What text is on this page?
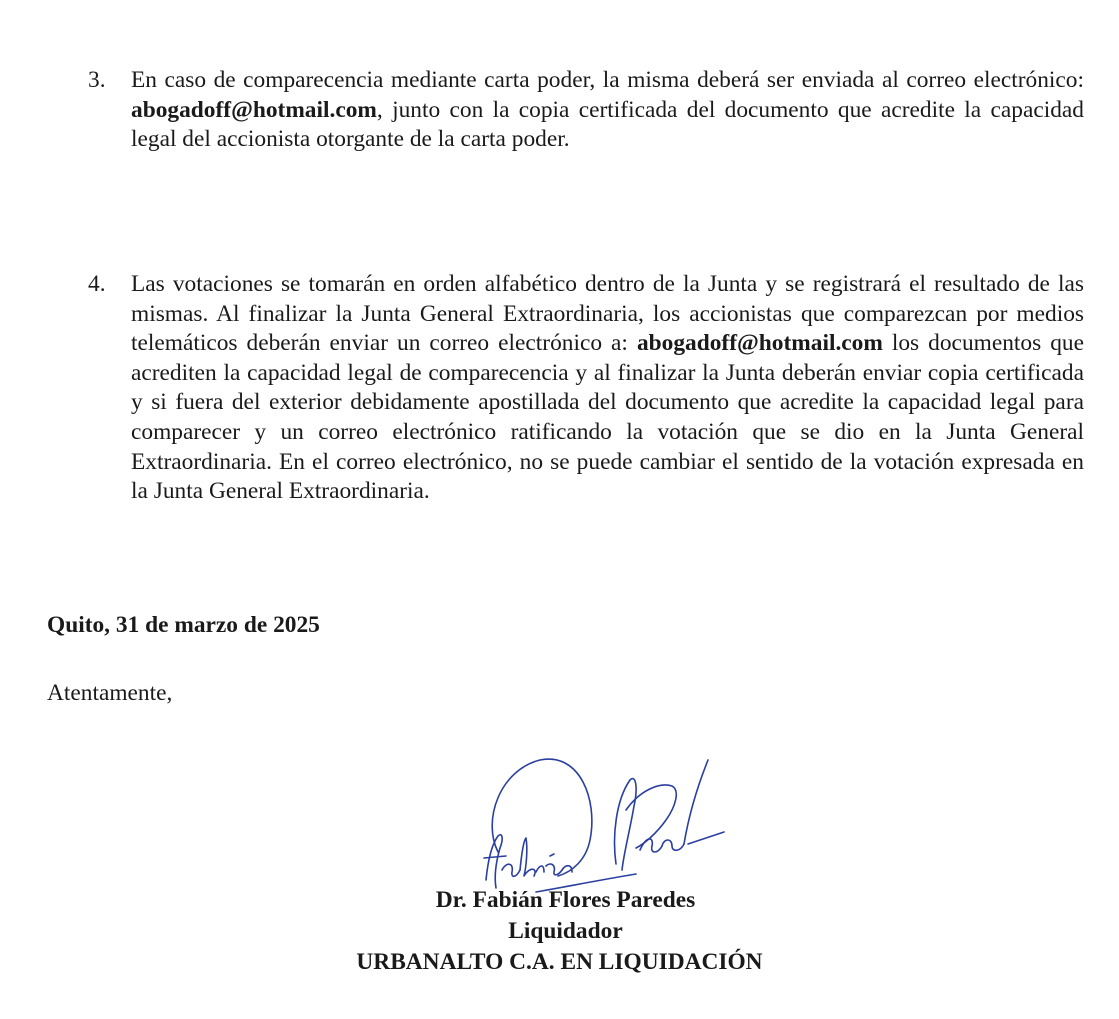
3. En caso de comparecencia mediante carta poder, la misma deberá ser enviada al correo electrónico: abogadoff@hotmail.com, junto con la copia certificada del documento que acredite la capacidad legal del accionista otorgante de la carta poder.
4. Las votaciones se tomarán en orden alfabético dentro de la Junta y se registrará el resultado de las mismas. Al finalizar la Junta General Extraordinaria, los accionistas que comparezcan por medios telemáticos deberán enviar un correo electrónico a: abogadoff@hotmail.com los documentos que acrediten la capacidad legal de comparecencia y al finalizar la Junta deberán enviar copia certificada y si fuera del exterior debidamente apostillada del documento que acredite la capacidad legal para comparecer y un correo electrónico ratificando la votación que se dio en la Junta General Extraordinaria. En el correo electrónico, no se puede cambiar el sentido de la votación expresada en la Junta General Extraordinaria.
Quito, 31 de marzo de 2025
Atentamente,
Dr. Fabián Flores Paredes
Liquidador
URBANALTO C.A. EN LIQUIDACIÓN
